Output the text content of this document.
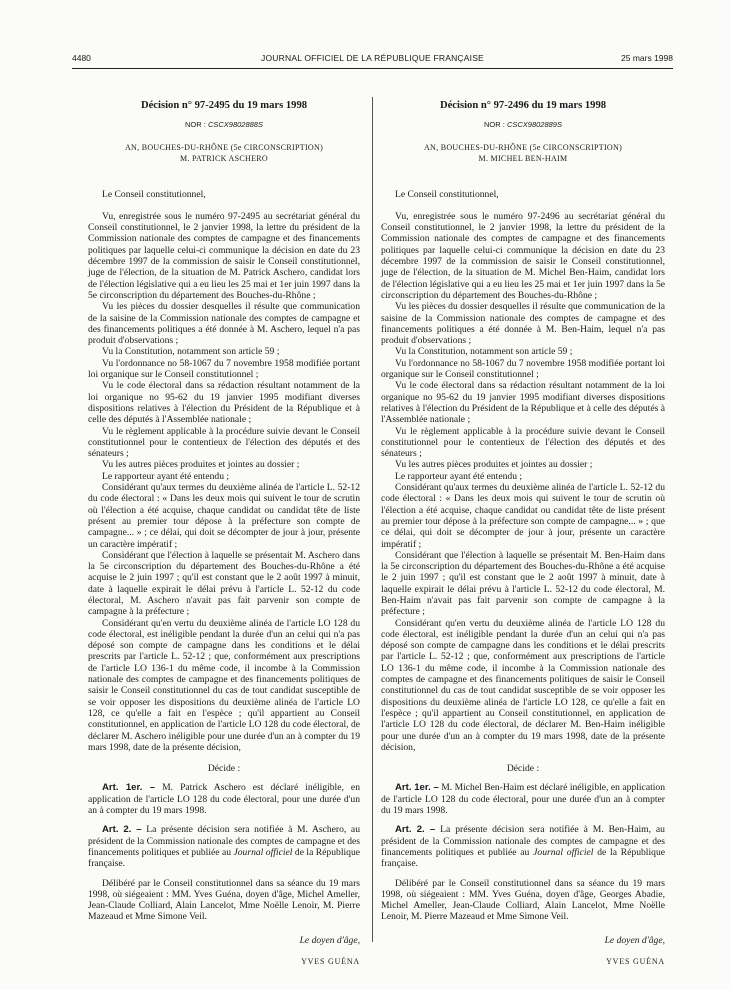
4480	JOURNAL OFFICIEL DE LA RÉPUBLIQUE FRANÇAISE	25 mars 1998

Décision n° 97-2495 du 19 mars 1998

NOR : CSCX9802888S

AN, BOUCHES-DU-RHÔNE (5e CIRCONSCRIPTION)

M. PATRICK ASCHERO

Le Conseil constitutionnel,

Vu, enregistrée sous le numéro 97-2495 au secrétariat général du Conseil constitutionnel, le 2 janvier 1998, la lettre du président de la Commission nationale des comptes de campagne et des financements politiques par laquelle celui-ci communique la décision en date du 23 décembre 1997 de la commission de saisir le Conseil constitutionnel, juge de l'élection, de la situation de M. Patrick Aschero, candidat lors de l'élection législative qui a eu lieu les 25 mai et 1er juin 1997 dans la 5e circonscription du département des Bouches-du-Rhône ;

Vu les pièces du dossier desquelles il résulte que communication de la saisine de la Commission nationale des comptes de campagne et des financements politiques a été donnée à M. Aschero, lequel n'a pas produit d'observations ;

Vu la Constitution, notamment son article 59 ;

Vu l'ordonnance no 58-1067 du 7 novembre 1958 modifiée portant loi organique sur le Conseil constitutionnel ;

Vu le code électoral dans sa rédaction résultant notamment de la loi organique no 95-62 du 19 janvier 1995 modifiant diverses dispositions relatives à l'élection du Président de la République et à celle des députés à l'Assemblée nationale ;

Vu le règlement applicable à la procédure suivie devant le Conseil constitutionnel pour le contentieux de l'élection des députés et des sénateurs ;

Vu les autres pièces produites et jointes au dossier ;

Le rapporteur ayant été entendu ;

Considérant qu'aux termes du deuxième alinéa de l'article L. 52-12 du code électoral : « Dans les deux mois qui suivent le tour de scrutin où l'élection a été acquise, chaque candidat ou candidat tête de liste présent au premier tour dépose à la préfecture son compte de campagne... » ; ce délai, qui doit se décompter de jour à jour, présente un caractère impératif ;

Considérant que l'élection à laquelle se présentait M. Aschero dans la 5e circonscription du département des Bouches-du-Rhône a été acquise le 2 juin 1997 ; qu'il est constant que le 2 août 1997 à minuit, date à laquelle expirait le délai prévu à l'article L. 52-12 du code électoral, M. Aschero n'avait pas fait parvenir son compte de campagne à la préfecture ;

Considérant qu'en vertu du deuxième alinéa de l'article LO 128 du code électoral, est inéligible pendant la durée d'un an celui qui n'a pas déposé son compte de campagne dans les conditions et le délai prescrits par l'article L. 52-12 ; que, conformément aux prescriptions de l'article LO 136-1 du même code, il incombe à la Commission nationale des comptes de campagne et des financements politiques de saisir le Conseil constitutionnel du cas de tout candidat susceptible de se voir opposer les dispositions du deuxième alinéa de l'article LO 128, ce qu'elle a fait en l'espèce ; qu'il appartient au Conseil constitutionnel, en application de l'article LO 128 du code électoral, de déclarer M. Aschero inéligible pour une durée d'un an à compter du 19 mars 1998, date de la présente décision,

Décide :

Art. 1er. – M. Patrick Aschero est déclaré inéligible, en application de l'article LO 128 du code électoral, pour une durée d'un an à compter du 19 mars 1998.

Art. 2. – La présente décision sera notifiée à M. Aschero, au président de la Commission nationale des comptes de campagne et des financements politiques et publiée au Journal officiel de la République française.

Délibéré par le Conseil constitutionnel dans sa séance du 19 mars 1998, où siégeaient : MM. Yves Guéna, doyen d'âge, Michel Ameller, Jean-Claude Colliard, Alain Lancelot, Mme Noëlle Lenoir, M. Pierre Mazeaud et Mme Simone Veil.

Le doyen d'âge,

YVES GUÉNA

Décision n° 97-2496 du 19 mars 1998

NOR : CSCX9802889S

AN, BOUCHES-DU-RHÔNE (5e CIRCONSCRIPTION)

M. MICHEL BEN-HAIM

Le Conseil constitutionnel,

Vu, enregistrée sous le numéro 97-2496 au secrétariat général du Conseil constitutionnel, le 2 janvier 1998, la lettre du président de la Commission nationale des comptes de campagne et des financements politiques par laquelle celui-ci communique la décision en date du 23 décembre 1997 de la commission de saisir le Conseil constitutionnel, juge de l'élection, de la situation de M. Michel Ben-Haim, candidat lors de l'élection législative qui a eu lieu les 25 mai et 1er juin 1997 dans la 5e circonscription du département des Bouches-du-Rhône ;

Vu les pièces du dossier desquelles il résulte que communication de la saisine de la Commission nationale des comptes de campagne et des financements politiques a été donnée à M. Ben-Haim, lequel n'a pas produit d'observations ;

Vu la Constitution, notamment son article 59 ;

Vu l'ordonnance no 58-1067 du 7 novembre 1958 modifiée portant loi organique sur le Conseil constitutionnel ;

Vu le code électoral dans sa rédaction résultant notamment de la loi organique no 95-62 du 19 janvier 1995 modifiant diverses dispositions relatives à l'élection du Président de la République et à celle des députés à l'Assemblée nationale ;

Vu le règlement applicable à la procédure suivie devant le Conseil constitutionnel pour le contentieux de l'élection des députés et des sénateurs ;

Vu les autres pièces produites et jointes au dossier ;

Le rapporteur ayant été entendu ;

Considérant qu'aux termes du deuxième alinéa de l'article L. 52-12 du code électoral : « Dans les deux mois qui suivent le tour de scrutin où l'élection a été acquise, chaque candidat ou candidat tête de liste présent au premier tour dépose à la préfecture son compte de campagne... » ; que ce délai, qui doit se décompter de jour à jour, présente un caractère impératif ;

Considérant que l'élection à laquelle se présentait M. Ben-Haim dans la 5e circonscription du département des Bouches-du-Rhône a été acquise le 2 juin 1997 ; qu'il est constant que le 2 août 1997 à minuit, date à laquelle expirait le délai prévu à l'article L. 52-12 du code électoral, M. Ben-Haim n'avait pas fait parvenir son compte de campagne à la préfecture ;

Considérant qu'en vertu du deuxième alinéa de l'article LO 128 du code électoral, est inéligible pendant la durée d'un an celui qui n'a pas déposé son compte de campagne dans les conditions et le délai prescrits par l'article L. 52-12 ; que, conformément aux prescriptions de l'article LO 136-1 du même code, il incombe à la Commission nationale des comptes de campagne et des financements politiques de saisir le Conseil constitutionnel du cas de tout candidat susceptible de se voir opposer les dispositions du deuxième alinéa de l'article LO 128, ce qu'elle a fait en l'espèce ; qu'il appartient au Conseil constitutionnel, en application de l'article LO 128 du code électoral, de déclarer M. Ben-Haim inéligible pour une durée d'un an à compter du 19 mars 1998, date de la présente décision,

Décide :

Art. 1er. – M. Michel Ben-Haim est déclaré inéligible, en application de l'article LO 128 du code électoral, pour une durée d'un an à compter du 19 mars 1998.

Art. 2. – La présente décision sera notifiée à M. Ben-Haim, au président de la Commission nationale des comptes de campagne et des financements politiques et publiée au Journal officiel de la République française.

Délibéré par le Conseil constitutionnel dans sa séance du 19 mars 1998, où siégeaient : MM. Yves Guéna, doyen d'âge, Georges Abadie, Michel Ameller, Jean-Claude Colliard, Alain Lancelot, Mme Noëlle Lenoir, M. Pierre Mazeaud et Mme Simone Veil.

Le doyen d'âge,

YVES GUÉNA
